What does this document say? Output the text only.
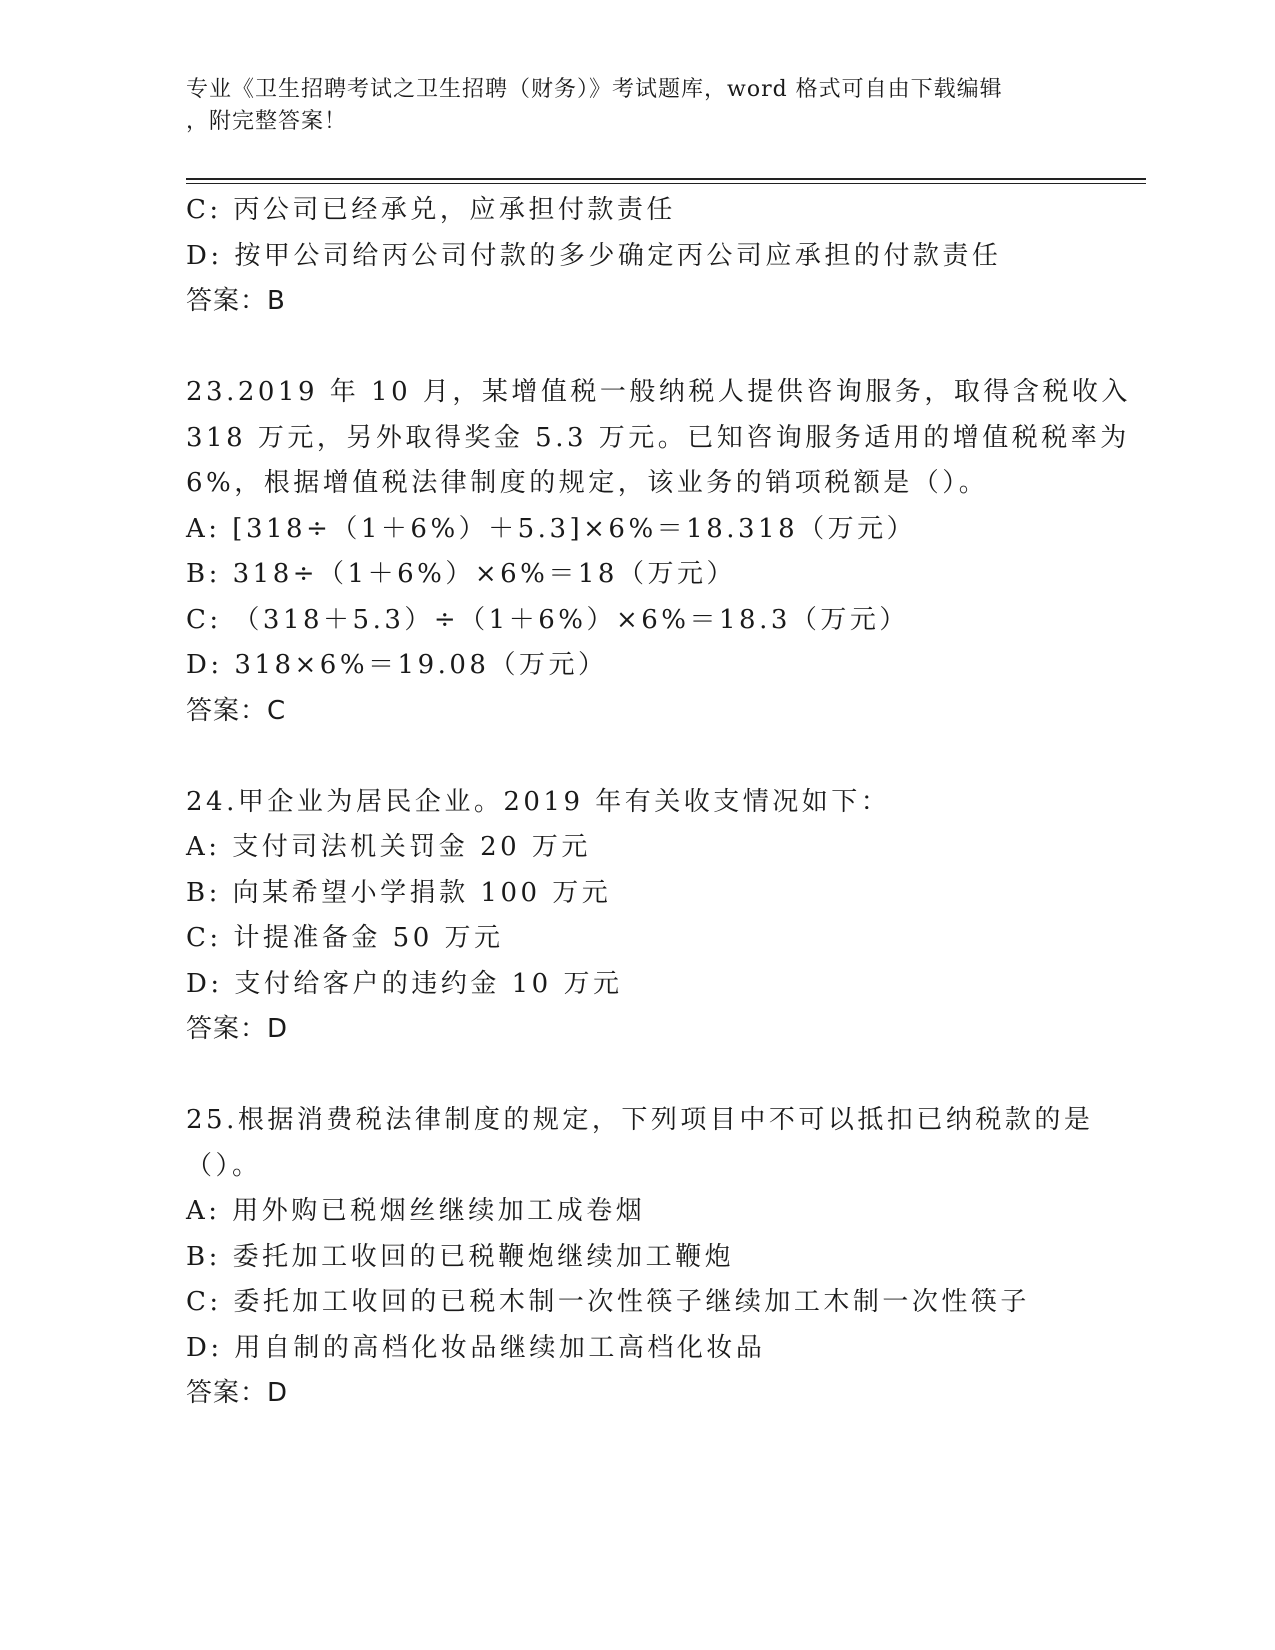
专业《卫生招聘考试之卫生招聘（财务）》考试题库，word 格式可自由下载编辑
，附完整答案！
C: 丙公司已经承兑，应承担付款责任
D: 按甲公司给丙公司付款的多少确定丙公司应承担的付款责任
答案：B
23.2019 年 10 月，某增值税一般纳税人提供咨询服务，取得含税收入
318 万元，另外取得奖金 5.3 万元。已知咨询服务适用的增值税税率为
6%，根据增值税法律制度的规定，该业务的销项税额是（）。
A: [318÷（1＋6%）＋5.3]×6%＝18.318（万元）
B: 318÷（1＋6%）×6%＝18（万元）
C: （318＋5.3）÷（1＋6%）×6%＝18.3（万元）
D: 318×6%＝19.08（万元）
答案：C
24.甲企业为居民企业。2019 年有关收支情况如下：
A: 支付司法机关罚金 20 万元
B: 向某希望小学捐款 100 万元
C: 计提准备金 50 万元
D: 支付给客户的违约金 10 万元
答案：D
25.根据消费税法律制度的规定，下列项目中不可以抵扣已纳税款的是
（）。
A: 用外购已税烟丝继续加工成卷烟
B: 委托加工收回的已税鞭炮继续加工鞭炮
C: 委托加工收回的已税木制一次性筷子继续加工木制一次性筷子
D: 用自制的高档化妆品继续加工高档化妆品
答案：D
